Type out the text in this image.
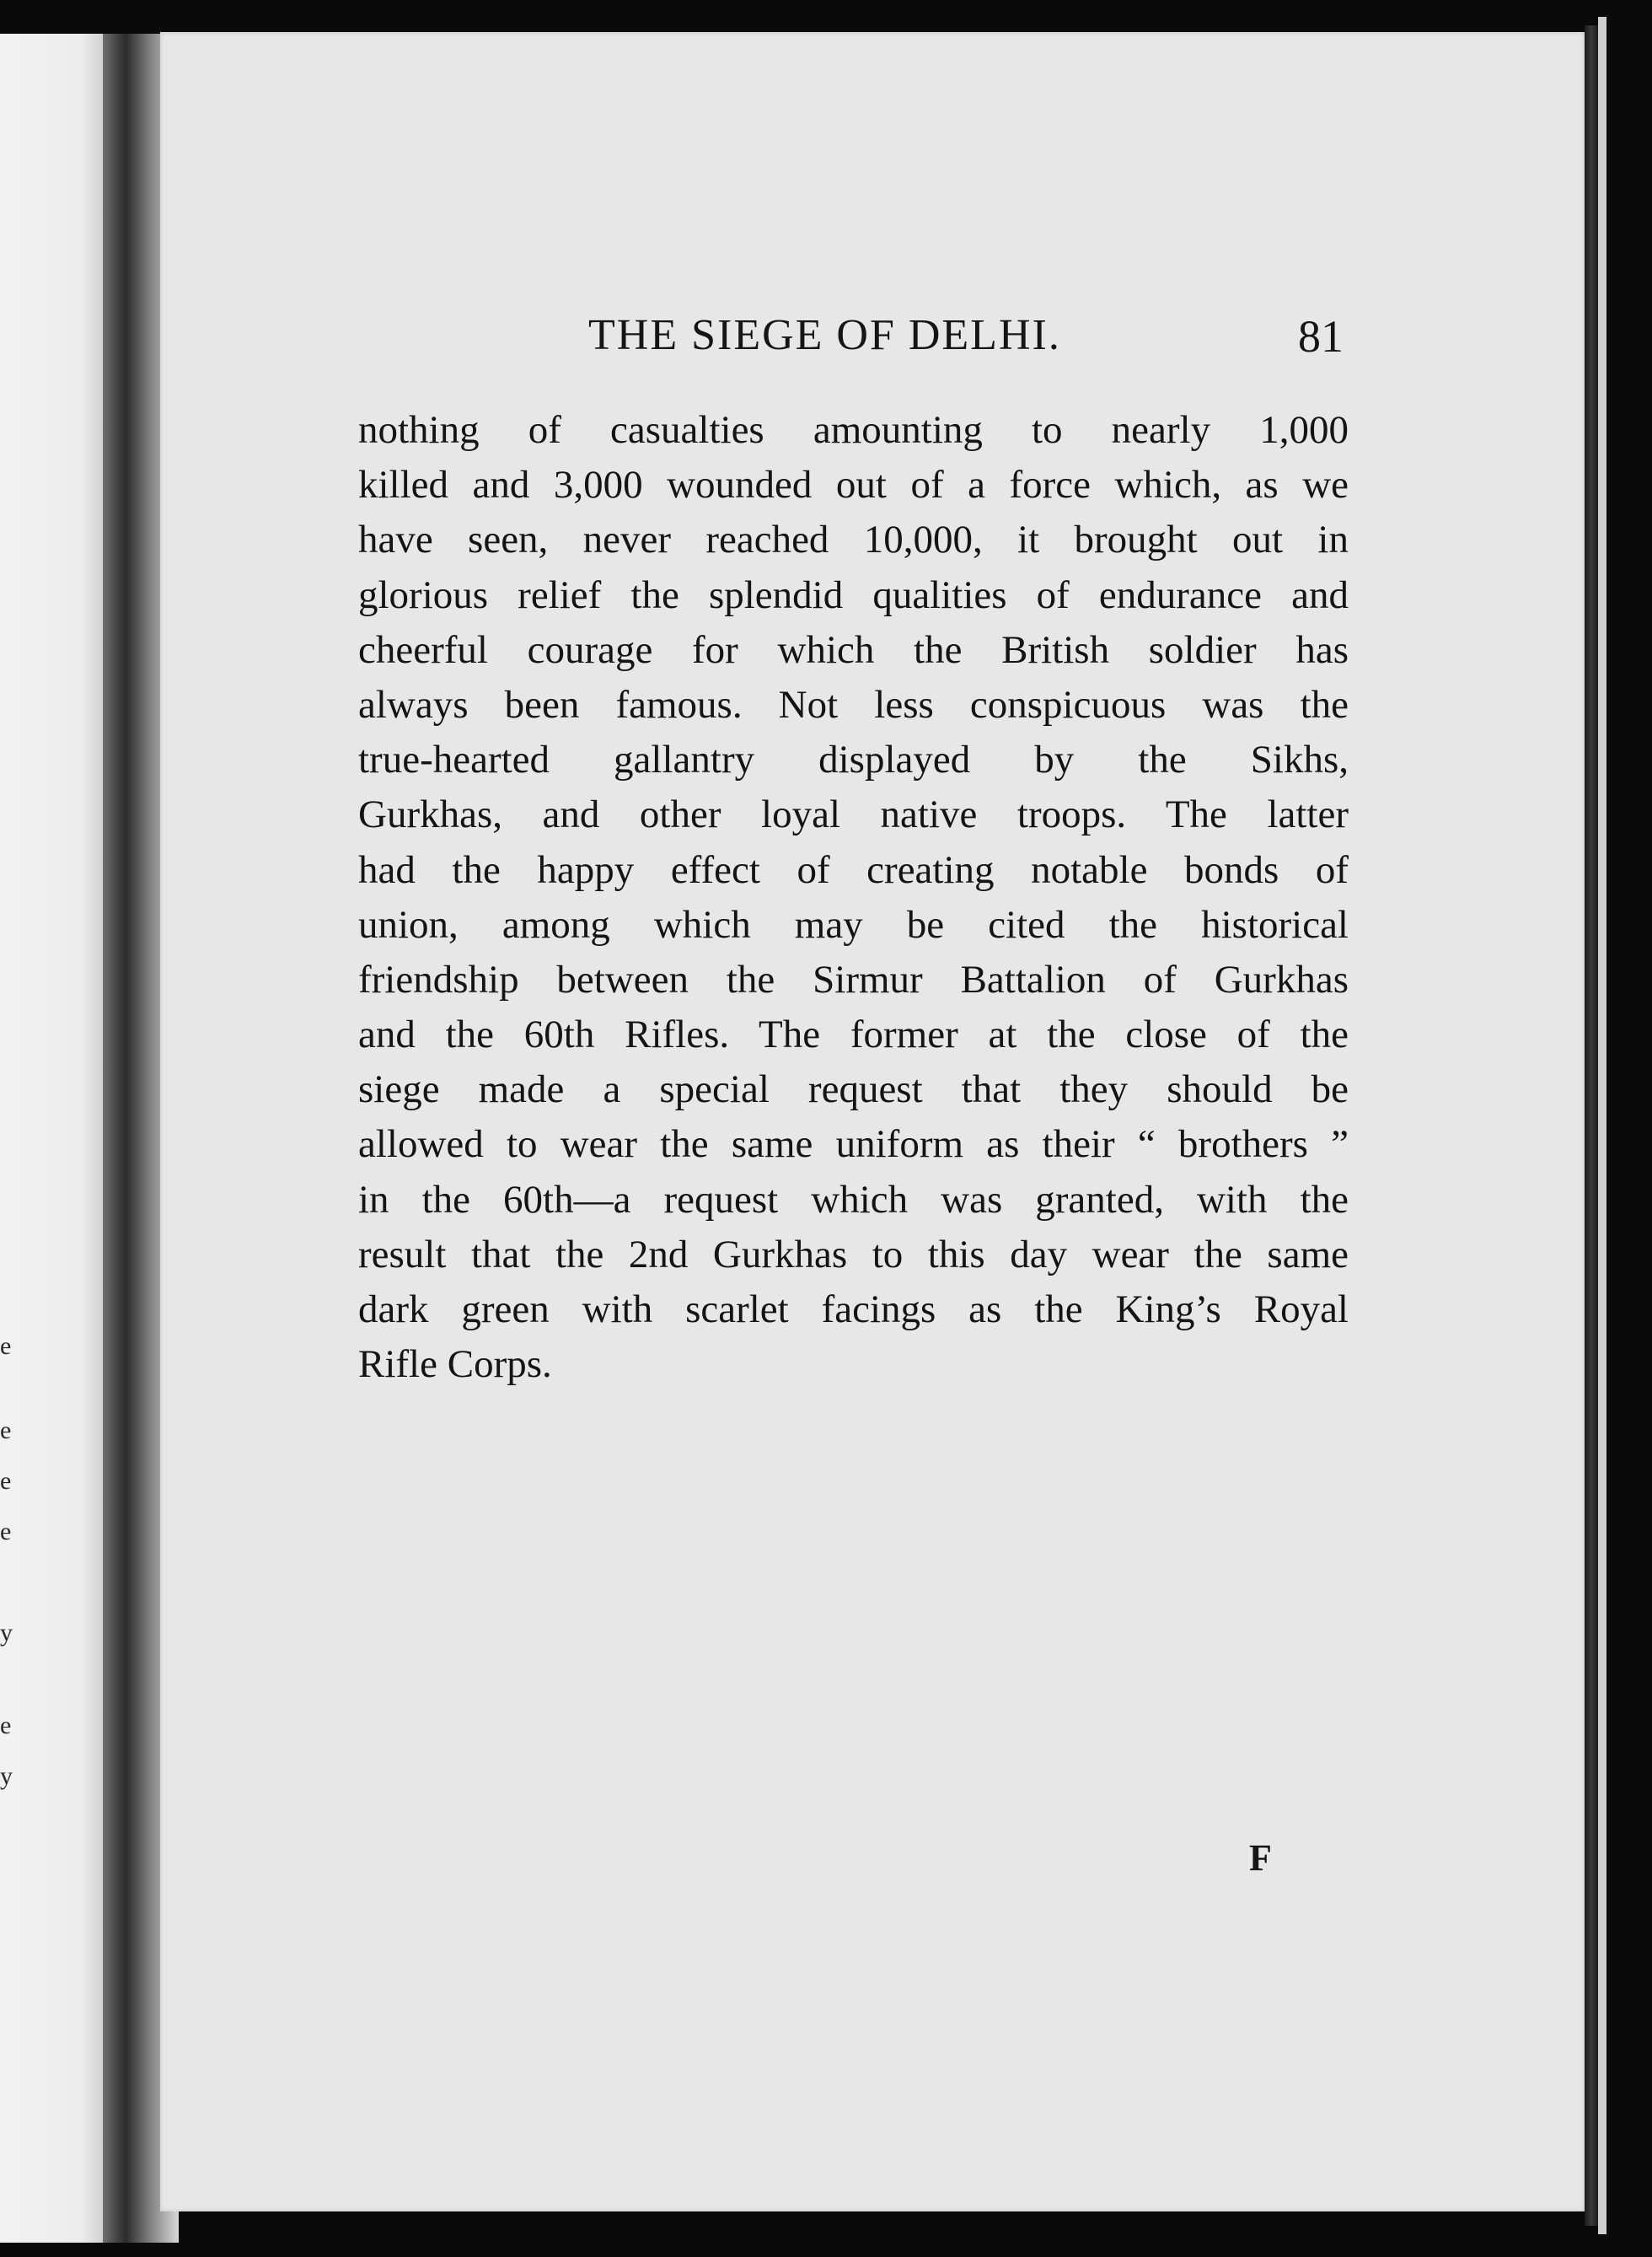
e
e
e
e
y
e
y
THE SIEGE OF DELHI.	81
nothing of casualties amounting to nearly 1,000
killed and 3,000 wounded out of a force which, as we
have seen, never reached 10,000, it brought out in
glorious relief the splendid qualities of endurance and
cheerful courage for which the British soldier has
always been famous. Not less conspicuous was the
true-hearted gallantry displayed by the Sikhs,
Gurkhas, and other loyal native troops. The latter
had the happy effect of creating notable bonds of
union, among which may be cited the historical
friendship between the Sirmur Battalion of Gurkhas
and the 60th Rifles. The former at the close of the
siege made a special request that they should be
allowed to wear the same uniform as their “ brothers ”
in the 60th—a request which was granted, with the
result that the 2nd Gurkhas to this day wear the same
dark green with scarlet facings as the King’s Royal
Rifle Corps.
F
